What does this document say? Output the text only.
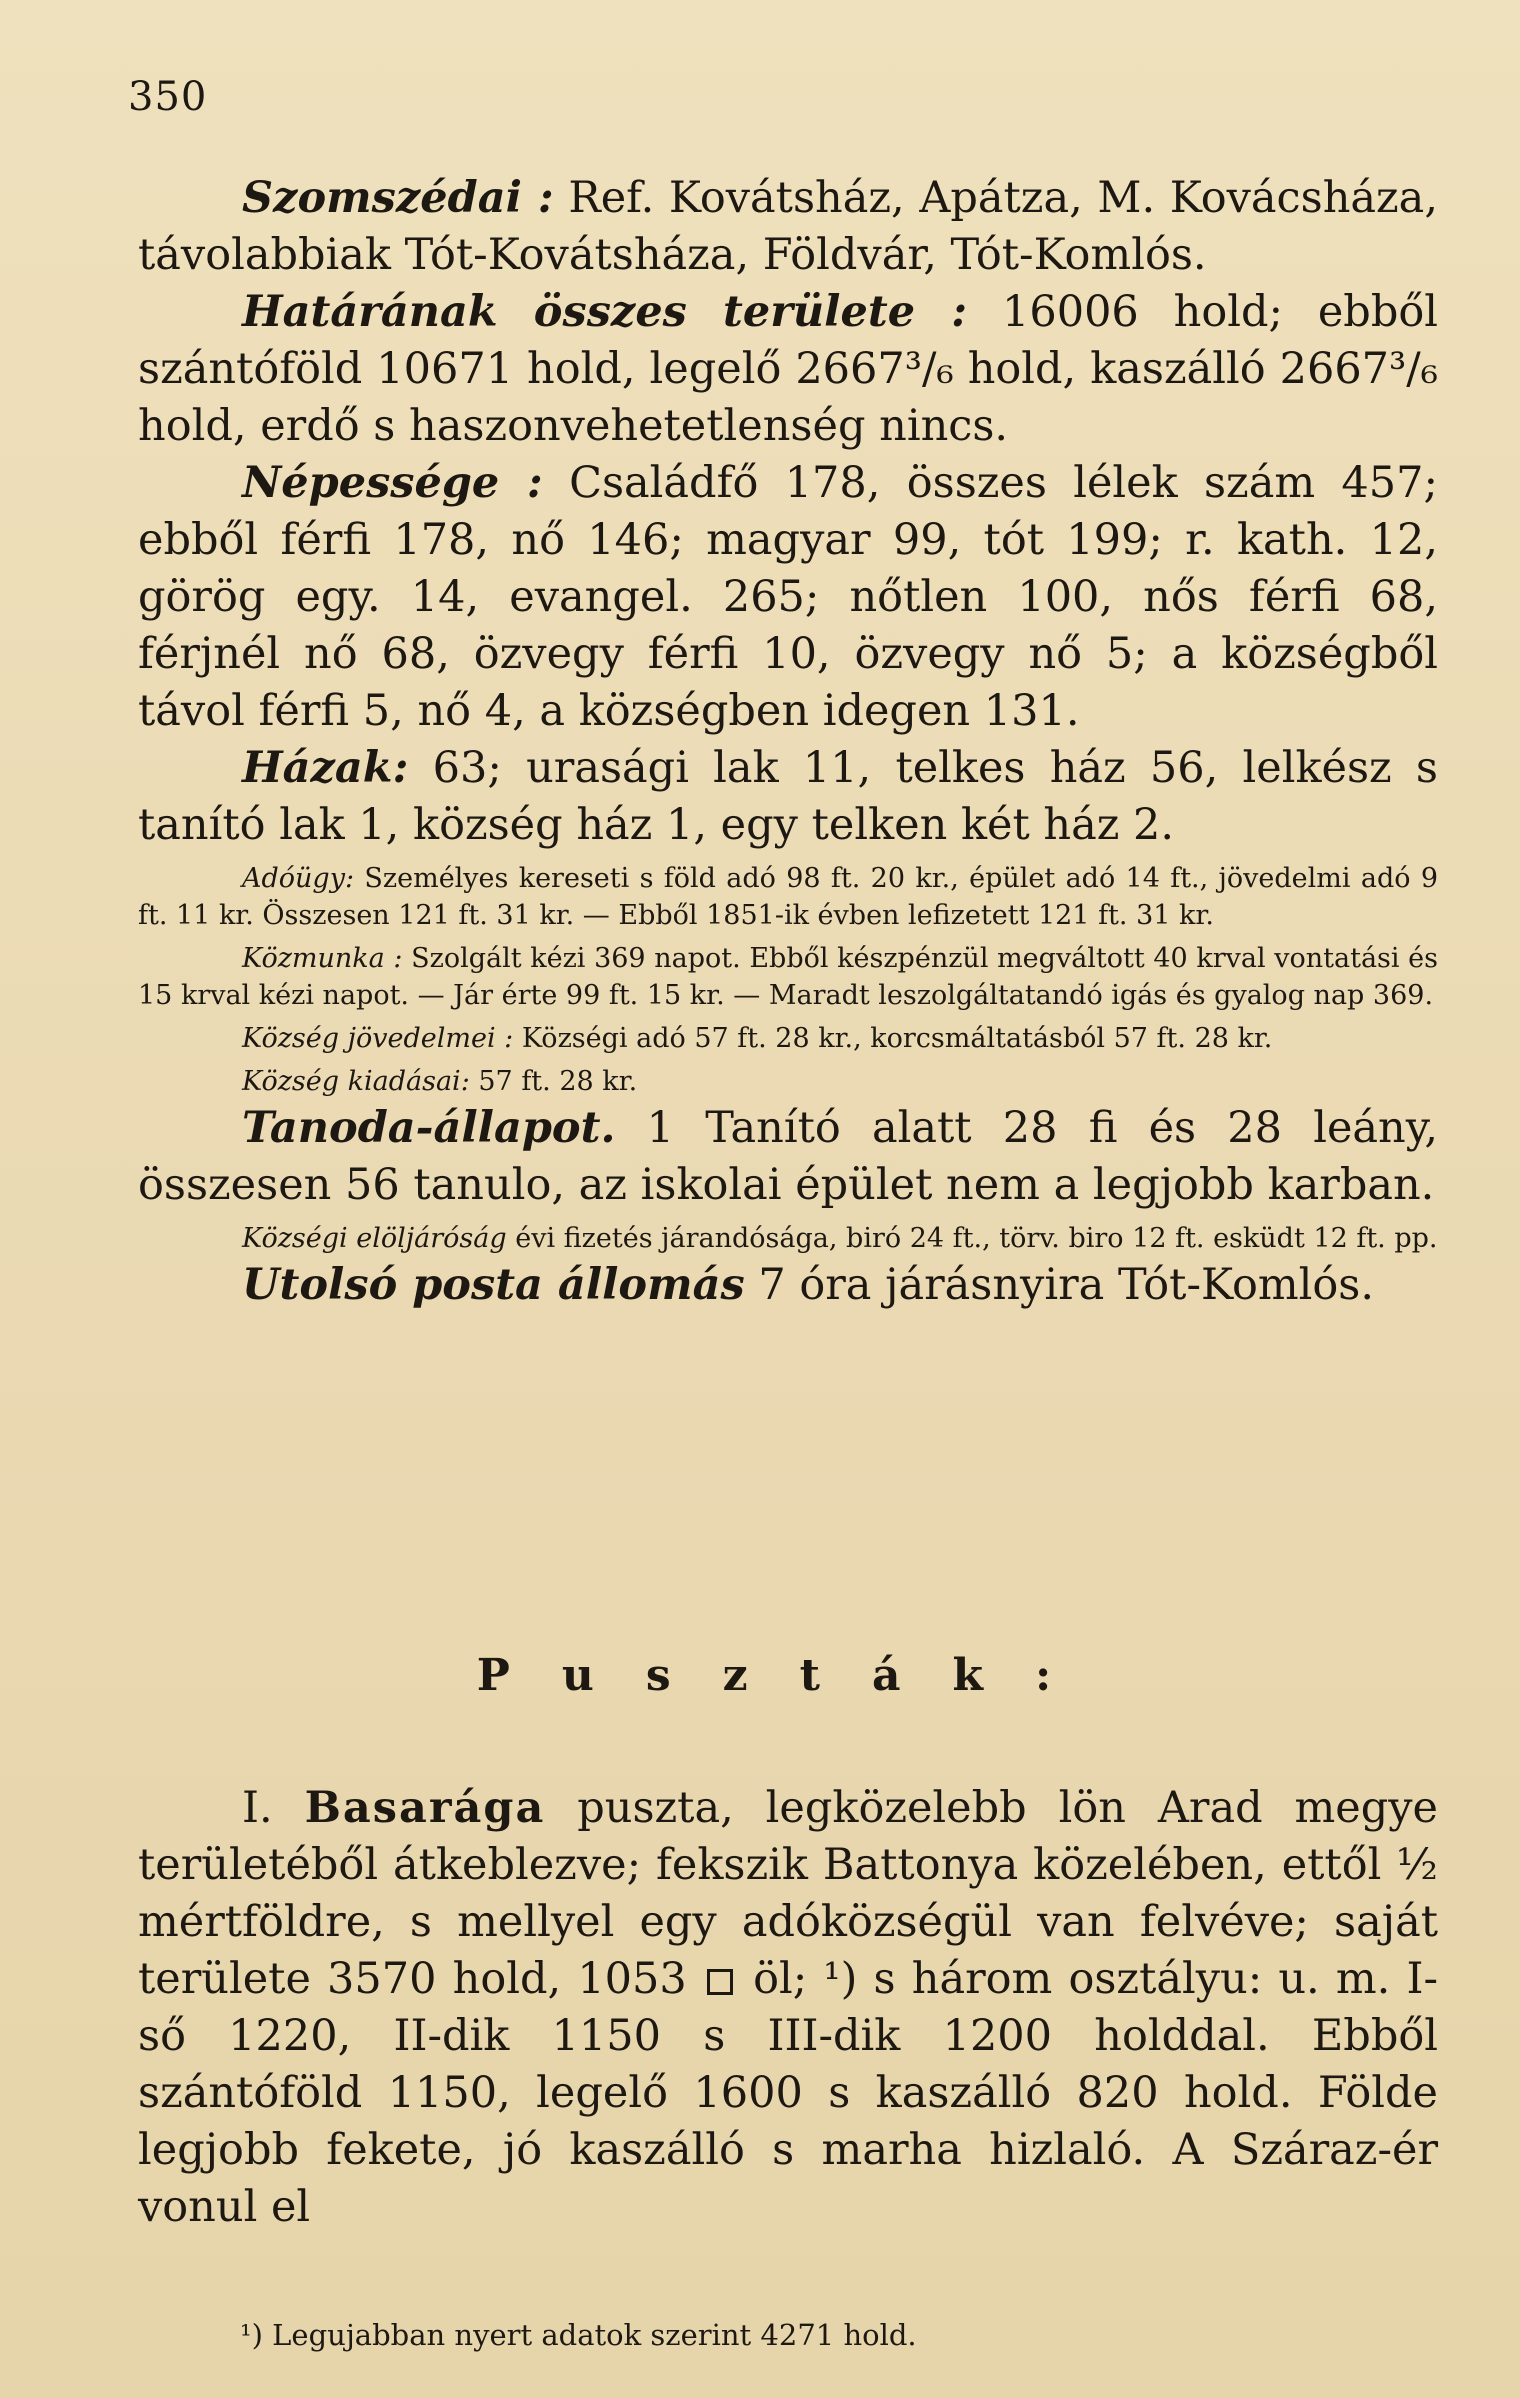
350

Szomszédai : Ref. Kovátsház, Apátza, M. Kovácsháza, távolabbiak Tót-Kovátsháza, Földvár, Tót-Komlós.

Határának összes területe : 16006 hold; ebből szántóföld 10671 hold, legelő 2667³/₆ hold, kaszálló 2667³/₆ hold, erdő s haszonvehetetlenség nincs.

Népessége : Családfő 178, összes lélek szám 457; ebből férfi 178, nő 146; magyar 99, tót 199; r. kath. 12, görög egy. 14, evangel. 265; nőtlen 100, nős férfi 68, férjnél nő 68, özvegy férfi 10, özvegy nő 5; a községből távol férfi 5, nő 4, a községben idegen 131.

Házak: 63; urasági lak 11, telkes ház 56, lelkész s tanító lak 1, község ház 1, egy telken két ház 2.

Adóügy: Személyes kereseti s föld adó 98 ft. 20 kr., épület adó 14 ft., jövedelmi adó 9 ft. 11 kr. Összesen 121 ft. 31 kr. — Ebből 1851-ik évben lefizetett 121 ft. 31 kr.

Közmunka : Szolgált kézi 369 napot. Ebből készpénzül megváltott 40 krval vontatási és 15 krval kézi napot. — Jár érte 99 ft. 15 kr. — Maradt leszolgáltatandó igás és gyalog nap 369.

Község jövedelmei : Községi adó 57 ft. 28 kr., korcsmáltatásból 57 ft. 28 kr.

Község kiadásai: 57 ft. 28 kr.

Tanoda-állapot. 1 Tanító alatt 28 fi és 28 leány, összesen 56 tanulo, az iskolai épület nem a legjobb karban.

Községi elöljáróság évi fizetés járandósága, biró 24 ft., törv. biro 12 ft. esküdt 12 ft. pp.

Utolsó posta állomás 7 óra járásnyira Tót-Komlós.

Puszták:

I. Basarága puszta, legközelebb lön Arad megye területéből átkeblezve; fekszik Battonya közelében, ettől ½ mértföldre, s mellyel egy adóközségül van felvéve; saját területe 3570 hold, 1053  öl; ¹) s három osztályu: u. m. I-ső 1220, II-dik 1150 s III-dik 1200 holddal. Ebből szántóföld 1150, legelő 1600 s kaszálló 820 hold. Földe legjobb fekete, jó kaszálló s marha hizlaló. A Száraz-ér vonul el

¹) Legujabban nyert adatok szerint 4271 hold.
